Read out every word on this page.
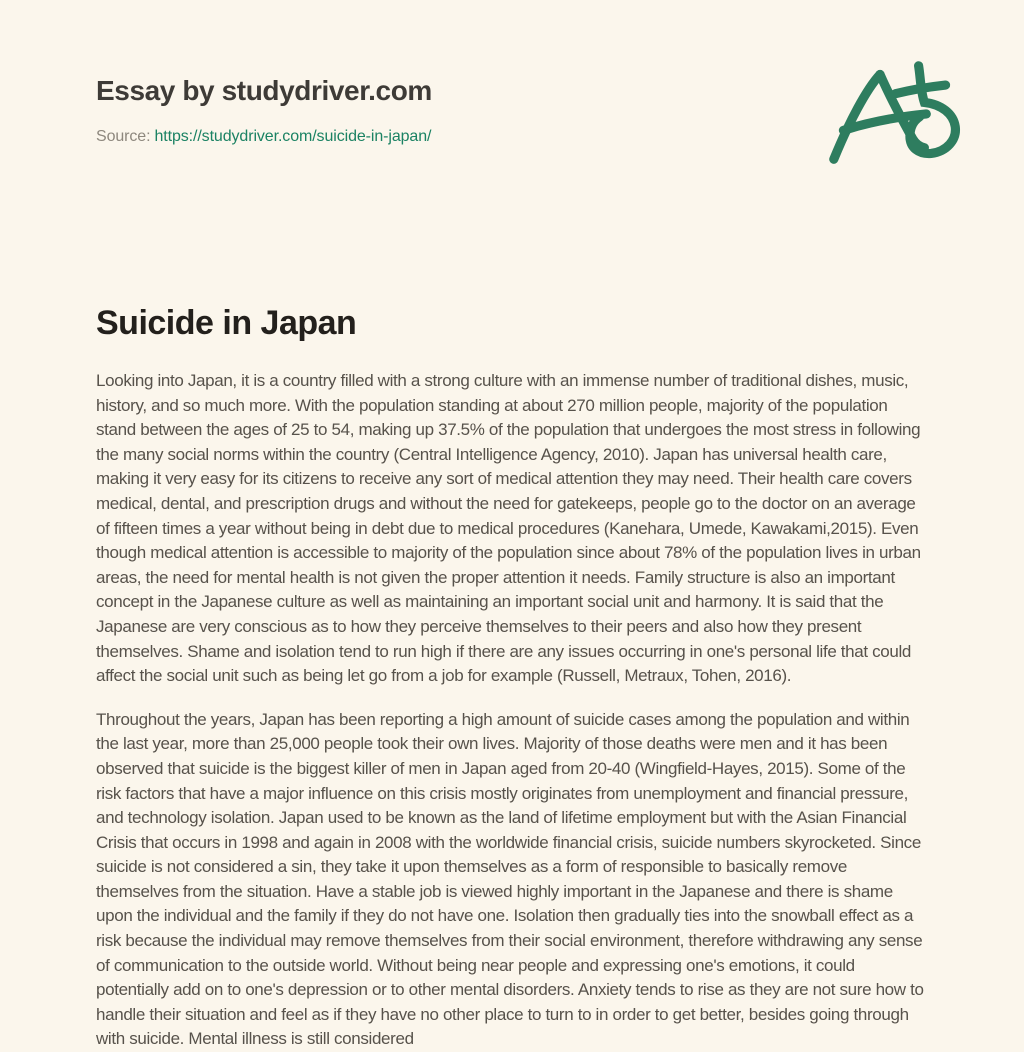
Essay by studydriver.com
Source: https://studydriver.com/suicide-in-japan/
Suicide in Japan

Looking into Japan, it is a country filled with a strong culture with an immense number of traditional dishes, music, history, and so much more. With the population standing at about 270 million people, majority of the population stand between the ages of 25 to 54, making up 37.5% of the population that undergoes the most stress in following the many social norms within the country (Central Intelligence Agency, 2010). Japan has universal health care, making it very easy for its citizens to receive any sort of medical attention they may need. Their health care covers medical, dental, and prescription drugs and without the need for gatekeeps, people go to the doctor on an average of fifteen times a year without being in debt due to medical procedures (Kanehara, Umede, Kawakami,2015). Even though medical attention is accessible to majority of the population since about 78% of the population lives in urban areas, the need for mental health is not given the proper attention it needs. Family structure is also an important concept in the Japanese culture as well as maintaining an important social unit and harmony. It is said that the Japanese are very conscious as to how they perceive themselves to their peers and also how they present themselves. Shame and isolation tend to run high if there are any issues occurring in one's personal life that could affect the social unit such as being let go from a job for example (Russell, Metraux, Tohen, 2016).

Throughout the years, Japan has been reporting a high amount of suicide cases among the population and within the last year, more than 25,000 people took their own lives. Majority of those deaths were men and it has been observed that suicide is the biggest killer of men in Japan aged from 20-40 (Wingfield-Hayes, 2015). Some of the risk factors that have a major influence on this crisis mostly originates from unemployment and financial pressure, and technology isolation. Japan used to be known as the land of lifetime employment but with the Asian Financial Crisis that occurs in 1998 and again in 2008 with the worldwide financial crisis, suicide numbers skyrocketed. Since suicide is not considered a sin, they take it upon themselves as a form of responsible to basically remove themselves from the situation. Have a stable job is viewed highly important in the Japanese and there is shame upon the individual and the family if they do not have one. Isolation then gradually ties into the snowball effect as a risk because the individual may remove themselves from their social environment, therefore withdrawing any sense of communication to the outside world. Without being near people and expressing one's emotions, it could potentially add on to one's depression or to other mental disorders. Anxiety tends to rise as they are not sure how to handle their situation and feel as if they have no other place to turn to in order to get better, besides going through with suicide. Mental illness is still considered
